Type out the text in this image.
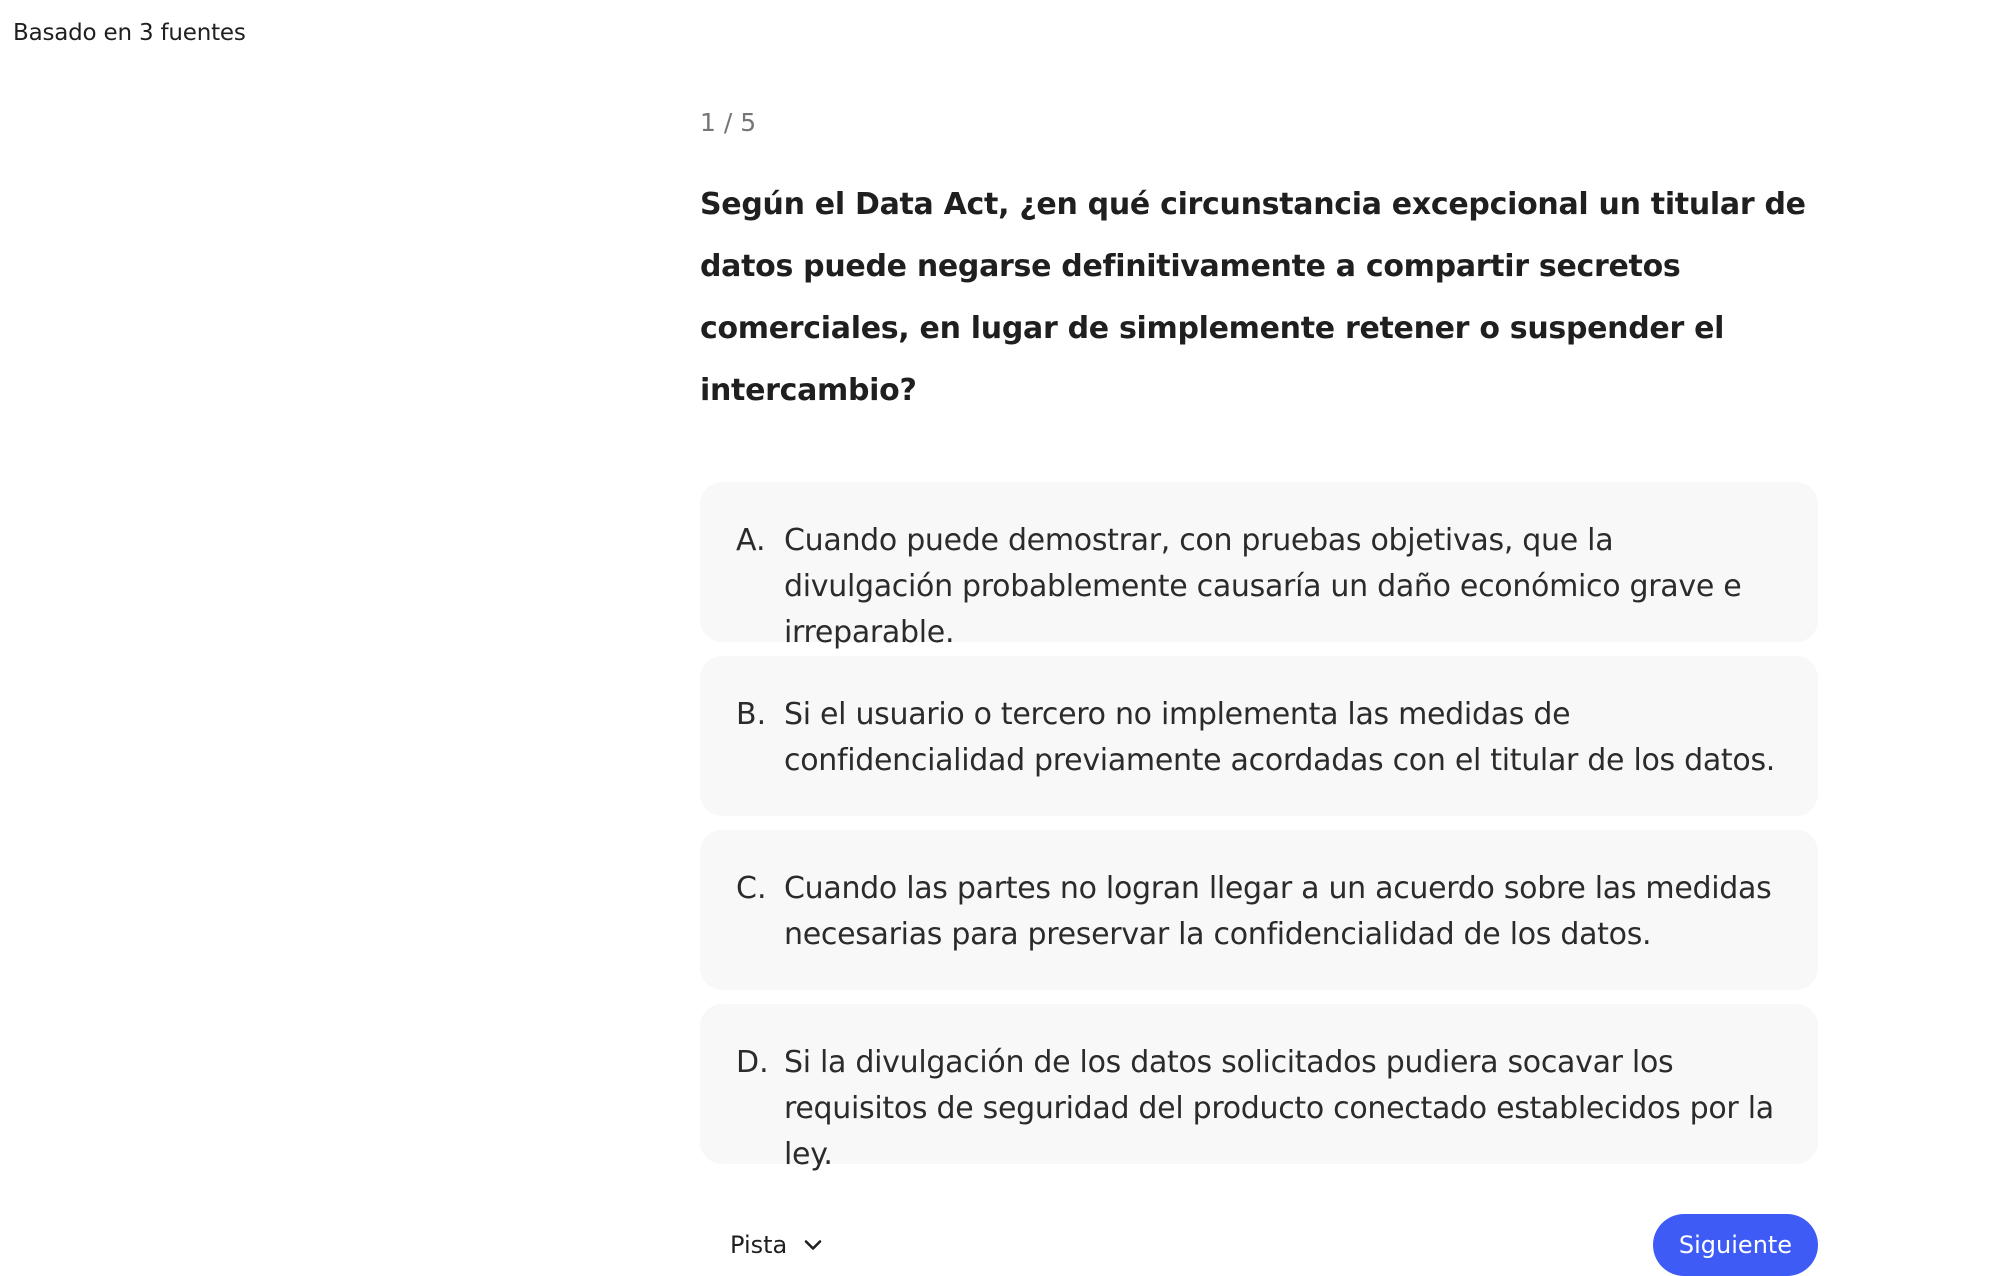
Basado en 3 fuentes
1 / 5
Según el Data Act, ¿en qué circunstancia excepcional un titular de datos puede negarse definitivamente a compartir secretos comerciales, en lugar de simplemente retener o suspender el intercambio?
A. Cuando puede demostrar, con pruebas objetivas, que la divulgación probablemente causaría un daño económico grave e irreparable.
B. Si el usuario o tercero no implementa las medidas de confidencialidad previamente acordadas con el titular de los datos.
C. Cuando las partes no logran llegar a un acuerdo sobre las medidas necesarias para preservar la confidencialidad de los datos.
D. Si la divulgación de los datos solicitados pudiera socavar los requisitos de seguridad del producto conectado establecidos por la ley.
Pista	Siguiente
